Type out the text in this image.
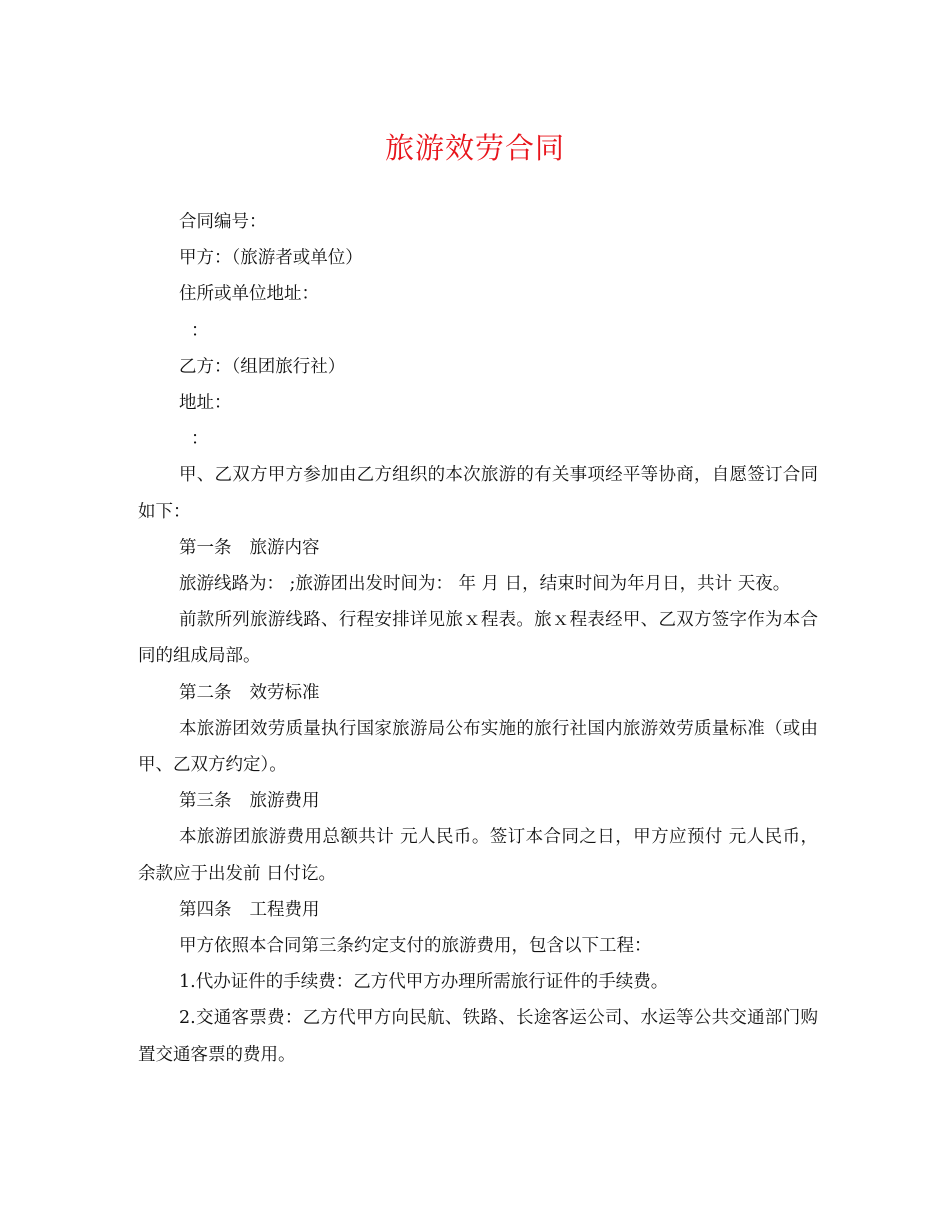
旅游效劳合同

合同编号：

甲方：（旅游者或单位）

住所或单位地址：

：

乙方：（组团旅行社）

地址：

：

甲、乙双方甲方参加由乙方组织的本次旅游的有关事项经平等协商，自愿签订合同如下：

第一条 旅游内容

旅游线路为： ;旅游团出发时间为： 年 月 日，结束时间为年月日，共计 天夜。

前款所列旅游线路、行程安排详见旅ｘ程表。旅ｘ程表经甲、乙双方签字作为本合同的组成局部。

第二条 效劳标准

本旅游团效劳质量执行国家旅游局公布实施的旅行社国内旅游效劳质量标准（或由甲、乙双方约定）。

第三条 旅游费用

本旅游团旅游费用总额共计 元人民币。签订本合同之日，甲方应预付 元人民币，余款应于出发前 日付讫。

第四条 工程费用

甲方依照本合同第三条约定支付的旅游费用，包含以下工程：

1.代办证件的手续费：乙方代甲方办理所需旅行证件的手续费。

2.交通客票费：乙方代甲方向民航、铁路、长途客运公司、水运等公共交通部门购置交通客票的费用。
